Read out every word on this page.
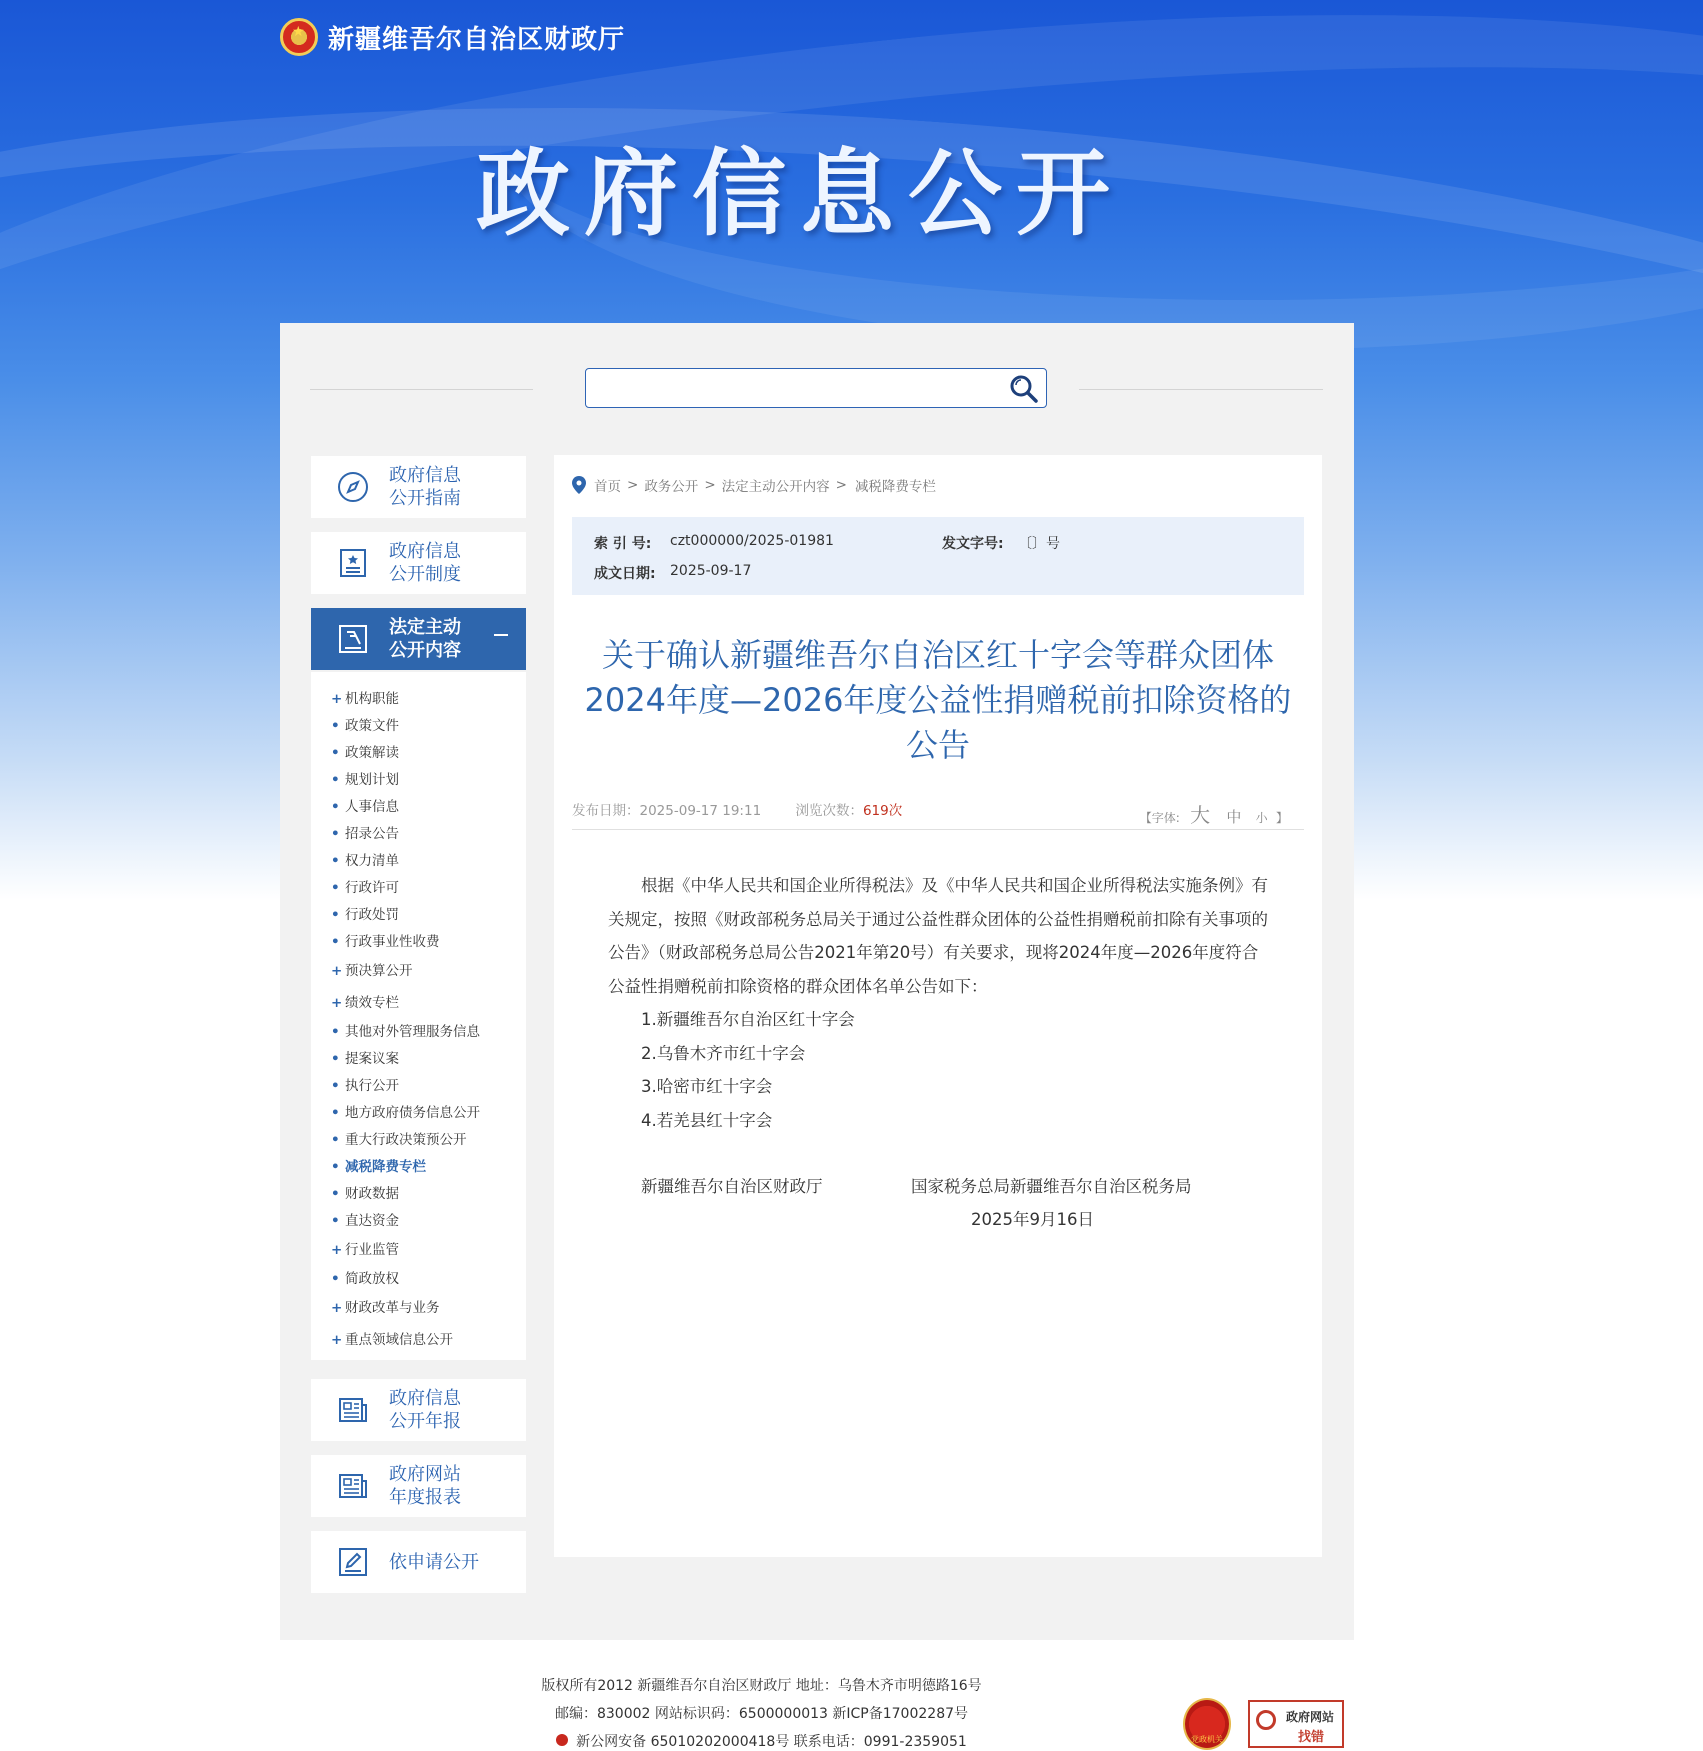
★
新疆维吾尔自治区财政厅
政府信息公开
政府信息
公开指南
政府信息
公开制度
法定主动
公开内容
+ 机构职能
• 政策文件
• 政策解读
• 规划计划
• 人事信息
• 招录公告
• 权力清单
• 行政许可
• 行政处罚
• 行政事业性收费
+ 预决算公开
+ 绩效专栏
• 其他对外管理服务信息
• 提案议案
• 执行公开
• 地方政府债务信息公开
• 重大行政决策预公开
• 减税降费专栏
• 财政数据
• 直达资金
+ 行业监管
• 简政放权
+ 财政改革与业务
+ 重点领域信息公开
政府信息
公开年报
政府网站
年度报表
依申请公开
首页 > 政务公开 > 法定主动公开内容 > 减税降费专栏
索 引 号: czt000000/2025-01981	发文字号: 〔〕号
成文日期: 2025-09-17
关于确认新疆维吾尔自治区红十字会等群众团体2024年度—2026年度公益性捐赠税前扣除资格的公告
发布日期：2025-09-17 19:11	浏览次数：619次	【字体: 大 中 小 】

根据《中华人民共和国企业所得税法》及《中华人民共和国企业所得税法实施条例》有关规定，按照《财政部税务总局关于通过公益性群众团体的公益性捐赠税前扣除有关事项的公告》（财政部税务总局公告2021年第20号）有关要求，现将2024年度—2026年度符合公益性捐赠税前扣除资格的群众团体名单公告如下：

1.新疆维吾尔自治区红十字会

2.乌鲁木齐市红十字会

3.哈密市红十字会

4.若羌县红十字会

新疆维吾尔自治区财政厅	国家税务总局新疆维吾尔自治区税务局

2025年9月16日

版权所有2012 新疆维吾尔自治区财政厅 地址：乌鲁木齐市明德路16号
邮编：830002 网站标识码：6500000013 新ICP备17002287号
新公网安备 65010202000418号 联系电话：0991-2359051	党政机关
政府网站
找错
